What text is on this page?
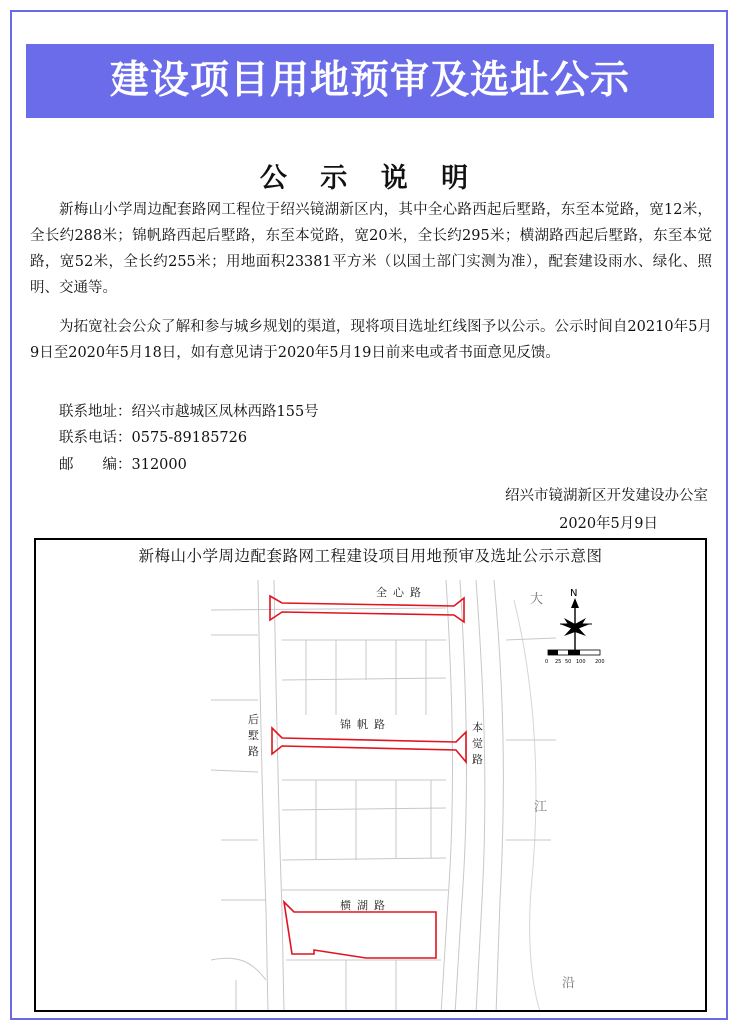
建设项目用地预审及选址公示
公 示 说 明
新梅山小学周边配套路网工程位于绍兴镜湖新区内，其中全心路西起后墅路，东至本觉路，宽12米，全长约288米；锦帆路西起后墅路，东至本觉路，宽20米，全长约295米；横湖路西起后墅路，东至本觉路，宽52米，全长约255米；用地面积23381平方米（以国土部门实测为准），配套建设雨水、绿化、照明、交通等。
为拓宽社会公众了解和参与城乡规划的渠道，现将项目选址红线图予以公示。公示时间自20210年5月9日至2020年5月18日，如有意见请于2020年5月19日前来电或者书面意见反馈。
联系地址：绍兴市越城区凤林西路155号
联系电话：0575-89185726
邮　　编：312000
绍兴市镜湖新区开发建设办公室
2020年5月9日
新梅山小学周边配套路网工程建设项目用地预审及选址公示示意图
N
0 25 50 100 200
全心路
锦帆路
横湖路
后墅路
本觉路
大
江
沿
